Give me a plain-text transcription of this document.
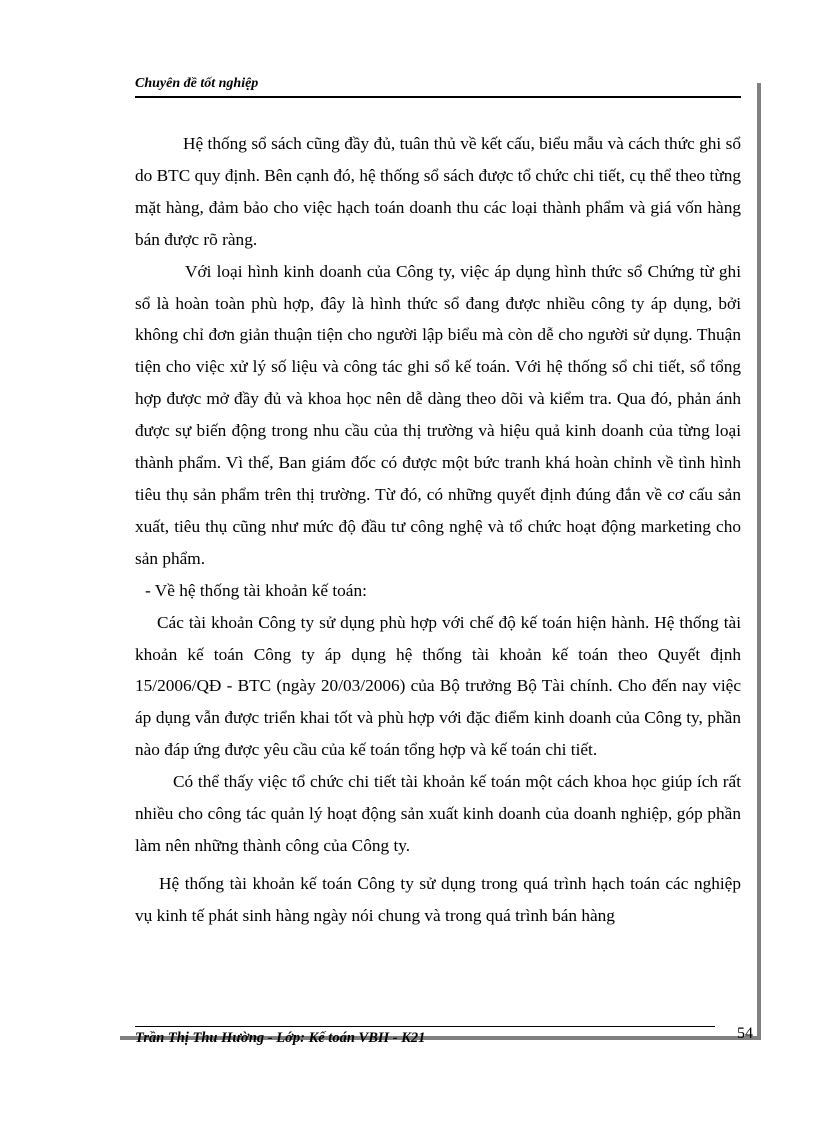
Chuyên đề tốt nghiệp

Hệ thống sổ sách cũng đầy đủ, tuân thủ về kết cấu, biểu mẫu và cách thức ghi sổ do BTC quy định. Bên cạnh đó, hệ thống sổ sách được tổ chức chi tiết, cụ thể theo từng mặt hàng, đảm bảo cho việc hạch toán doanh thu các loại thành phẩm và giá vốn hàng bán được rõ ràng.

Với loại hình kinh doanh của Công ty, việc áp dụng hình thức sổ Chứng từ ghi sổ là hoàn toàn phù hợp, đây là hình thức sổ đang được nhiều công ty áp dụng, bởi không chỉ đơn giản thuận tiện cho người lập biểu mà còn dễ cho người sử dụng. Thuận tiện cho việc xử lý số liệu và công tác ghi sổ kế toán. Với hệ thống sổ chi tiết, sổ tổng hợp được mở đầy đủ và khoa học nên dễ dàng theo dõi và kiểm tra. Qua đó, phản ánh được sự biến động trong nhu cầu của thị trường và hiệu quả kinh doanh của từng loại thành phẩm. Vì thế, Ban giám đốc có được một bức tranh khá hoàn chỉnh về tình hình tiêu thụ sản phẩm trên thị trường. Từ đó, có những quyết định đúng đắn về cơ cấu sản xuất, tiêu thụ cũng như mức độ đầu tư công nghệ và tổ chức hoạt động marketing cho sản phẩm.

- Về hệ thống tài khoản kế toán:

Các tài khoản Công ty sử dụng phù hợp với chế độ kế toán hiện hành. Hệ thống tài khoản kế toán Công ty áp dụng hệ thống tài khoản kế toán theo Quyết định 15/2006/QĐ - BTC (ngày 20/03/2006) của Bộ trưởng Bộ Tài chính. Cho đến nay việc áp dụng vẫn được triển khai tốt và phù hợp với đặc điểm kinh doanh của Công ty, phần nào đáp ứng được yêu cầu của kế toán tổng hợp và kế toán chi tiết.

Có thể thấy việc tổ chức chi tiết tài khoản kế toán một cách khoa học giúp ích rất nhiều cho công tác quản lý hoạt động sản xuất kinh doanh của doanh nghiệp, góp phần làm nên những thành công của Công ty.

Hệ thống tài khoản kế toán Công ty sử dụng trong quá trình hạch toán các nghiệp vụ kinh tế phát sinh hàng ngày nói chung và trong quá trình bán hàng

Trần Thị Thu Hường - Lớp: Kế toán VBII - K21	54
